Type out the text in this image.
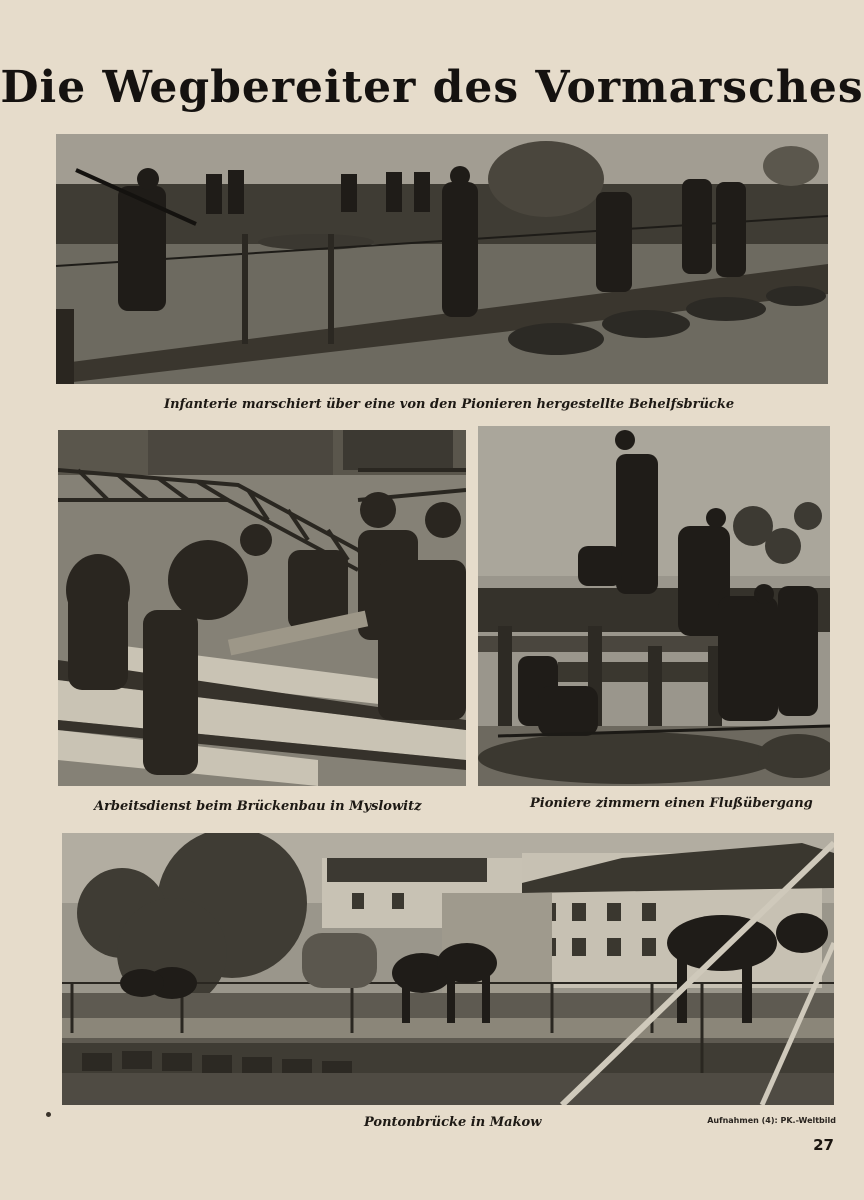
Die Wegbereiter des Vormarsches
Infanterie marschiert über eine von den Pionieren hergestellte Behelfsbrücke
Arbeitsdienst beim Brückenbau in Myslowitz	Pioniere zimmern einen Flußübergang
Pontonbrücke in Makow	Aufnahmen (4): PK.-Weltbild
27
